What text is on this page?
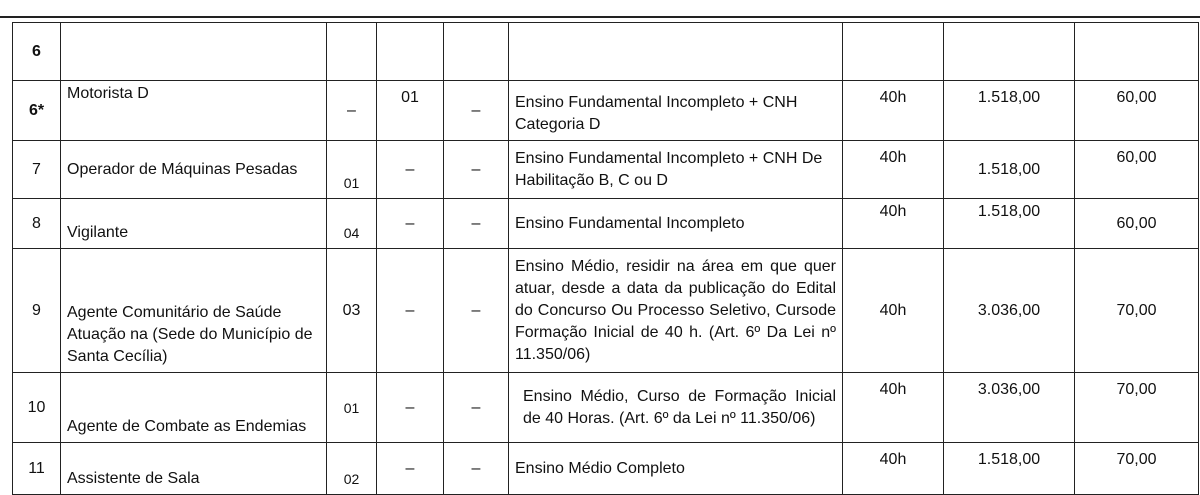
6								
6*	Motorista D	–	01	–	Ensino Fundamental Incompleto + CNH Categoria D	40h	1.518,00	60,00
7	Operador de Máquinas Pesadas	01	–	–	Ensino Fundamental Incompleto + CNH De Habilitação B, C ou D	40h	1.518,00	60,00
8	Vigilante	04	–	–	Ensino Fundamental Incompleto	40h	1.518,00	60,00
9	Agente Comunitário de Saúde Atuação na (Sede do Município de Santa Cecília)	03	–	–	Ensino Médio, residir na área em que quer atuar, desde a data da publicação do Edital do Concurso Ou Processo Seletivo, Cursode Formação Inicial de 40 h. (Art. 6º Da Lei nº 11.350/06)	40h	3.036,00	70,00
10	Agente de Combate as Endemias	01	–	–	Ensino Médio, Curso de Formação Inicial de 40 Horas. (Art. 6º da Lei nº 11.350/06)	40h	3.036,00	70,00
11	Assistente de Sala	02	–	–	Ensino Médio Completo	40h	1.518,00	70,00
